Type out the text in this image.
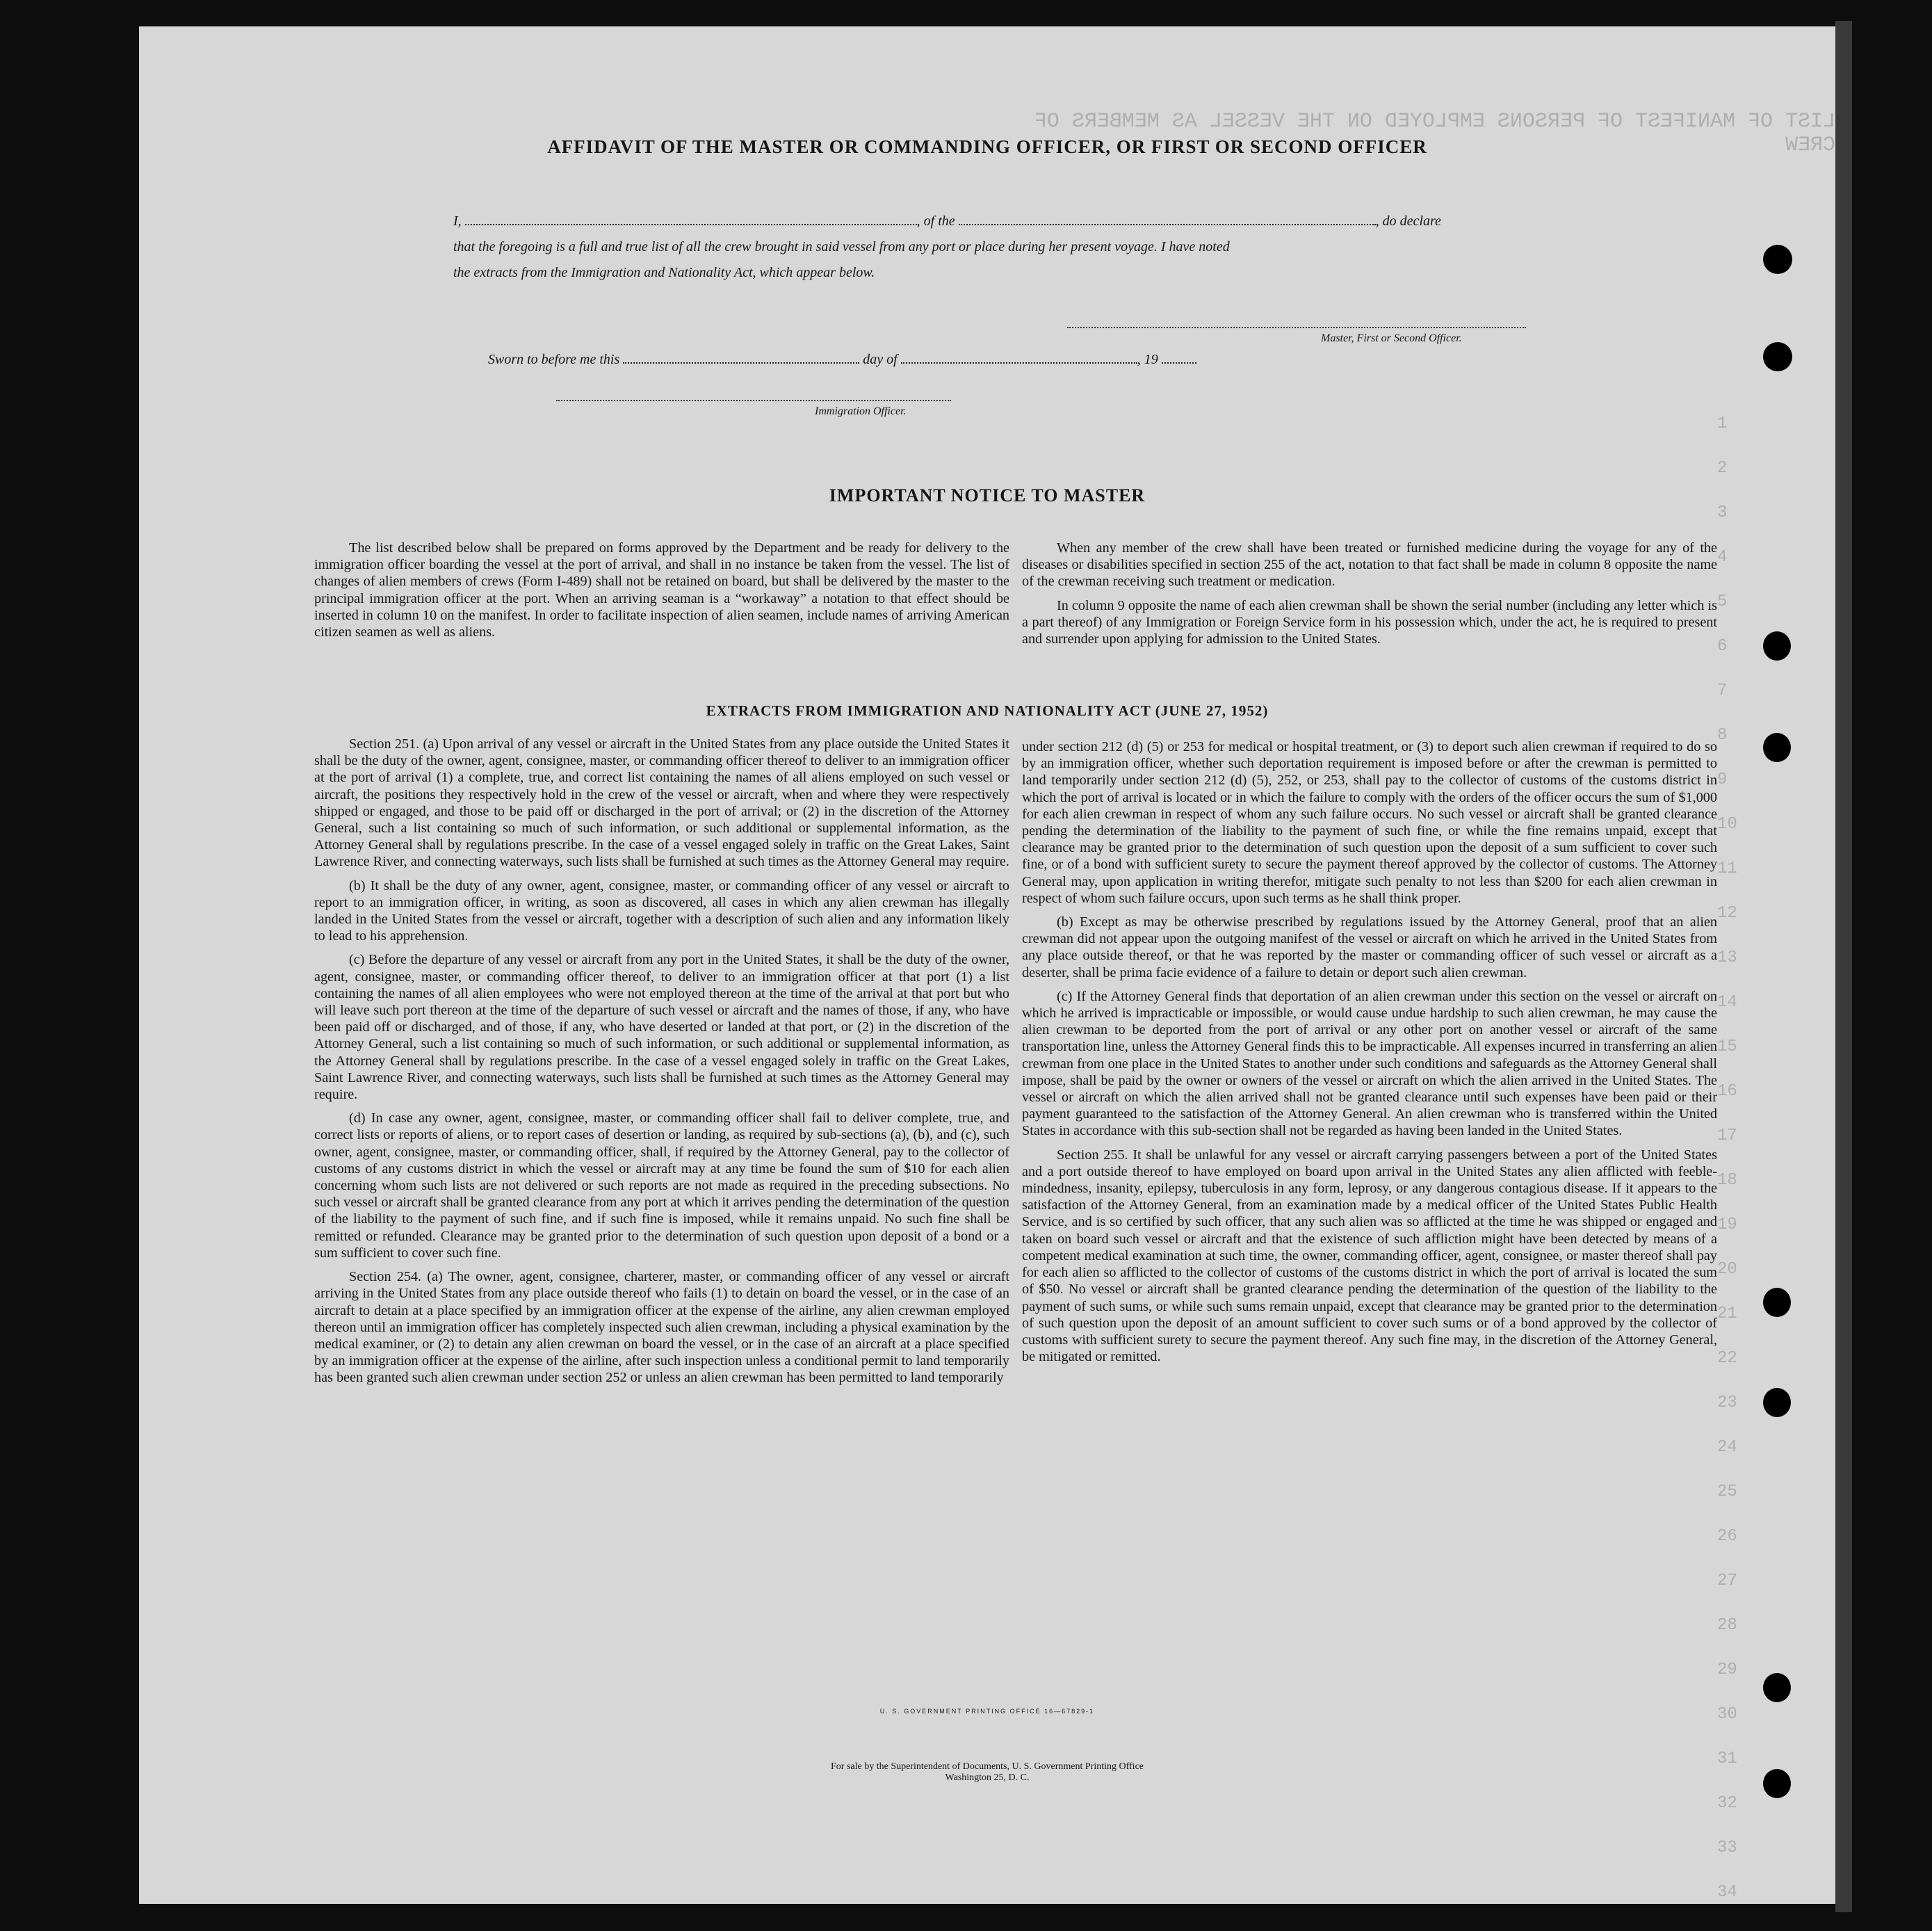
LIST OF MANIFEST OF PERSONS EMPLOYED ON THE VESSEL AS MEMBERS OF CREW
1
2
3
4
5
6
7
8
9
10
11
12
13
14
15
16
17
18
19
20
21
22
23
24
25
26
27
28
29
30
31
32
33
34
AFFIDAVIT OF THE MASTER OR COMMANDING OFFICER, OR FIRST OR SECOND OFFICER

I,	, of the	, do declare

that the foregoing is a full and true list of all the crew brought in said vessel from any port or place during her present voyage. I have noted

the extracts from the Immigration and Nationality Act, which appear below.

Master, First or Second Officer.
Sworn to before me this	day of	, 19
Immigration Officer.
IMPORTANT NOTICE TO MASTER

The list described below shall be prepared on forms approved by the Department and be ready for delivery to the immigration officer boarding the vessel at the port of arrival, and shall in no instance be taken from the vessel. The list of changes of alien members of crews (Form I-489) shall not be retained on board, but shall be delivered by the master to the principal immigration officer at the port. When an arriving seaman is a “workaway” a notation to that effect should be inserted in column 10 on the manifest. In order to facilitate inspection of alien seamen, include names of arriving American citizen seamen as well as aliens.

When any member of the crew shall have been treated or furnished medicine during the voyage for any of the diseases or disabilities specified in section 255 of the act, notation to that fact shall be made in column 8 opposite the name of the crewman receiving such treatment or medication.

In column 9 opposite the name of each alien crewman shall be shown the serial number (including any letter which is a part thereof) of any Immigration or Foreign Service form in his possession which, under the act, he is required to present and surrender upon applying for admission to the United States.

EXTRACTS FROM IMMIGRATION AND NATIONALITY ACT (JUNE 27, 1952)

Section 251. (a) Upon arrival of any vessel or aircraft in the United States from any place outside the United States it shall be the duty of the owner, agent, consignee, master, or commanding officer thereof to deliver to an immigration officer at the port of arrival (1) a complete, true, and correct list containing the names of all aliens employed on such vessel or aircraft, the positions they respectively hold in the crew of the vessel or aircraft, when and where they were respectively shipped or engaged, and those to be paid off or discharged in the port of arrival; or (2) in the discretion of the Attorney General, such a list containing so much of such information, or such additional or supplemental information, as the Attorney General shall by regulations prescribe. In the case of a vessel engaged solely in traffic on the Great Lakes, Saint Lawrence River, and connecting waterways, such lists shall be furnished at such times as the Attorney General may require.

(b) It shall be the duty of any owner, agent, consignee, master, or commanding officer of any vessel or aircraft to report to an immigration officer, in writing, as soon as discovered, all cases in which any alien crewman has illegally landed in the United States from the vessel or aircraft, together with a description of such alien and any information likely to lead to his apprehension.

(c) Before the departure of any vessel or aircraft from any port in the United States, it shall be the duty of the owner, agent, consignee, master, or commanding officer thereof, to deliver to an immigration officer at that port (1) a list containing the names of all alien employees who were not employed thereon at the time of the arrival at that port but who will leave such port thereon at the time of the departure of such vessel or aircraft and the names of those, if any, who have been paid off or discharged, and of those, if any, who have deserted or landed at that port, or (2) in the discretion of the Attorney General, such a list containing so much of such information, or such additional or supplemental information, as the Attorney General shall by regulations prescribe. In the case of a vessel engaged solely in traffic on the Great Lakes, Saint Lawrence River, and connecting waterways, such lists shall be furnished at such times as the Attorney General may require.

(d) In case any owner, agent, consignee, master, or commanding officer shall fail to deliver complete, true, and correct lists or reports of aliens, or to report cases of desertion or landing, as required by sub-sections (a), (b), and (c), such owner, agent, consignee, master, or commanding officer, shall, if required by the Attorney General, pay to the collector of customs of any customs district in which the vessel or aircraft may at any time be found the sum of $10 for each alien concerning whom such lists are not delivered or such reports are not made as required in the preceding subsections. No such vessel or aircraft shall be granted clearance from any port at which it arrives pending the determination of the question of the liability to the payment of such fine, and if such fine is imposed, while it remains unpaid. No such fine shall be remitted or refunded. Clearance may be granted prior to the determination of such question upon deposit of a bond or a sum sufficient to cover such fine.

Section 254. (a) The owner, agent, consignee, charterer, master, or commanding officer of any vessel or aircraft arriving in the United States from any place outside thereof who fails (1) to detain on board the vessel, or in the case of an aircraft to detain at a place specified by an immigration officer at the expense of the airline, any alien crewman employed thereon until an immigration officer has completely inspected such alien crewman, including a physical examination by the medical examiner, or (2) to detain any alien crewman on board the vessel, or in the case of an aircraft at a place specified by an immigration officer at the expense of the airline, after such inspection unless a conditional permit to land temporarily has been granted such alien crewman under section 252 or unless an alien crewman has been permitted to land temporarily

under section 212 (d) (5) or 253 for medical or hospital treatment, or (3) to deport such alien crewman if required to do so by an immigration officer, whether such deportation requirement is imposed before or after the crewman is permitted to land temporarily under section 212 (d) (5), 252, or 253, shall pay to the collector of customs of the customs district in which the port of arrival is located or in which the failure to comply with the orders of the officer occurs the sum of $1,000 for each alien crewman in respect of whom any such failure occurs. No such vessel or aircraft shall be granted clearance pending the determination of the liability to the payment of such fine, or while the fine remains unpaid, except that clearance may be granted prior to the determination of such question upon the deposit of a sum sufficient to cover such fine, or of a bond with sufficient surety to secure the payment thereof approved by the collector of customs. The Attorney General may, upon application in writing therefor, mitigate such penalty to not less than $200 for each alien crewman in respect of whom such failure occurs, upon such terms as he shall think proper.

(b) Except as may be otherwise prescribed by regulations issued by the Attorney General, proof that an alien crewman did not appear upon the outgoing manifest of the vessel or aircraft on which he arrived in the United States from any place outside thereof, or that he was reported by the master or commanding officer of such vessel or aircraft as a deserter, shall be prima facie evidence of a failure to detain or deport such alien crewman.

(c) If the Attorney General finds that deportation of an alien crewman under this section on the vessel or aircraft on which he arrived is impracticable or impossible, or would cause undue hardship to such alien crewman, he may cause the alien crewman to be deported from the port of arrival or any other port on another vessel or aircraft of the same transportation line, unless the Attorney General finds this to be impracticable. All expenses incurred in transferring an alien crewman from one place in the United States to another under such conditions and safeguards as the Attorney General shall impose, shall be paid by the owner or owners of the vessel or aircraft on which the alien arrived in the United States. The vessel or aircraft on which the alien arrived shall not be granted clearance until such expenses have been paid or their payment guaranteed to the satisfaction of the Attorney General. An alien crewman who is transferred within the United States in accordance with this sub-section shall not be regarded as having been landed in the United States.

Section 255. It shall be unlawful for any vessel or aircraft carrying passengers between a port of the United States and a port outside thereof to have employed on board upon arrival in the United States any alien afflicted with feeble-mindedness, insanity, epilepsy, tuberculosis in any form, leprosy, or any dangerous contagious disease. If it appears to the satisfaction of the Attorney General, from an examination made by a medical officer of the United States Public Health Service, and is so certified by such officer, that any such alien was so afflicted at the time he was shipped or engaged and taken on board such vessel or aircraft and that the existence of such affliction might have been detected by means of a competent medical examination at such time, the owner, commanding officer, agent, consignee, or master thereof shall pay for each alien so afflicted to the collector of customs of the customs district in which the port of arrival is located the sum of $50. No vessel or aircraft shall be granted clearance pending the determination of the question of the liability to the payment of such sums, or while such sums remain unpaid, except that clearance may be granted prior to the determination of such question upon the deposit of an amount sufficient to cover such sums or of a bond approved by the collector of customs with sufficient surety to secure the payment thereof. Any such fine may, in the discretion of the Attorney General, be mitigated or remitted.

U. S. GOVERNMENT PRINTING OFFICE 16—67829-1
For sale by the Superintendent of Documents, U. S. Government Printing Office
Washington 25, D. C.
